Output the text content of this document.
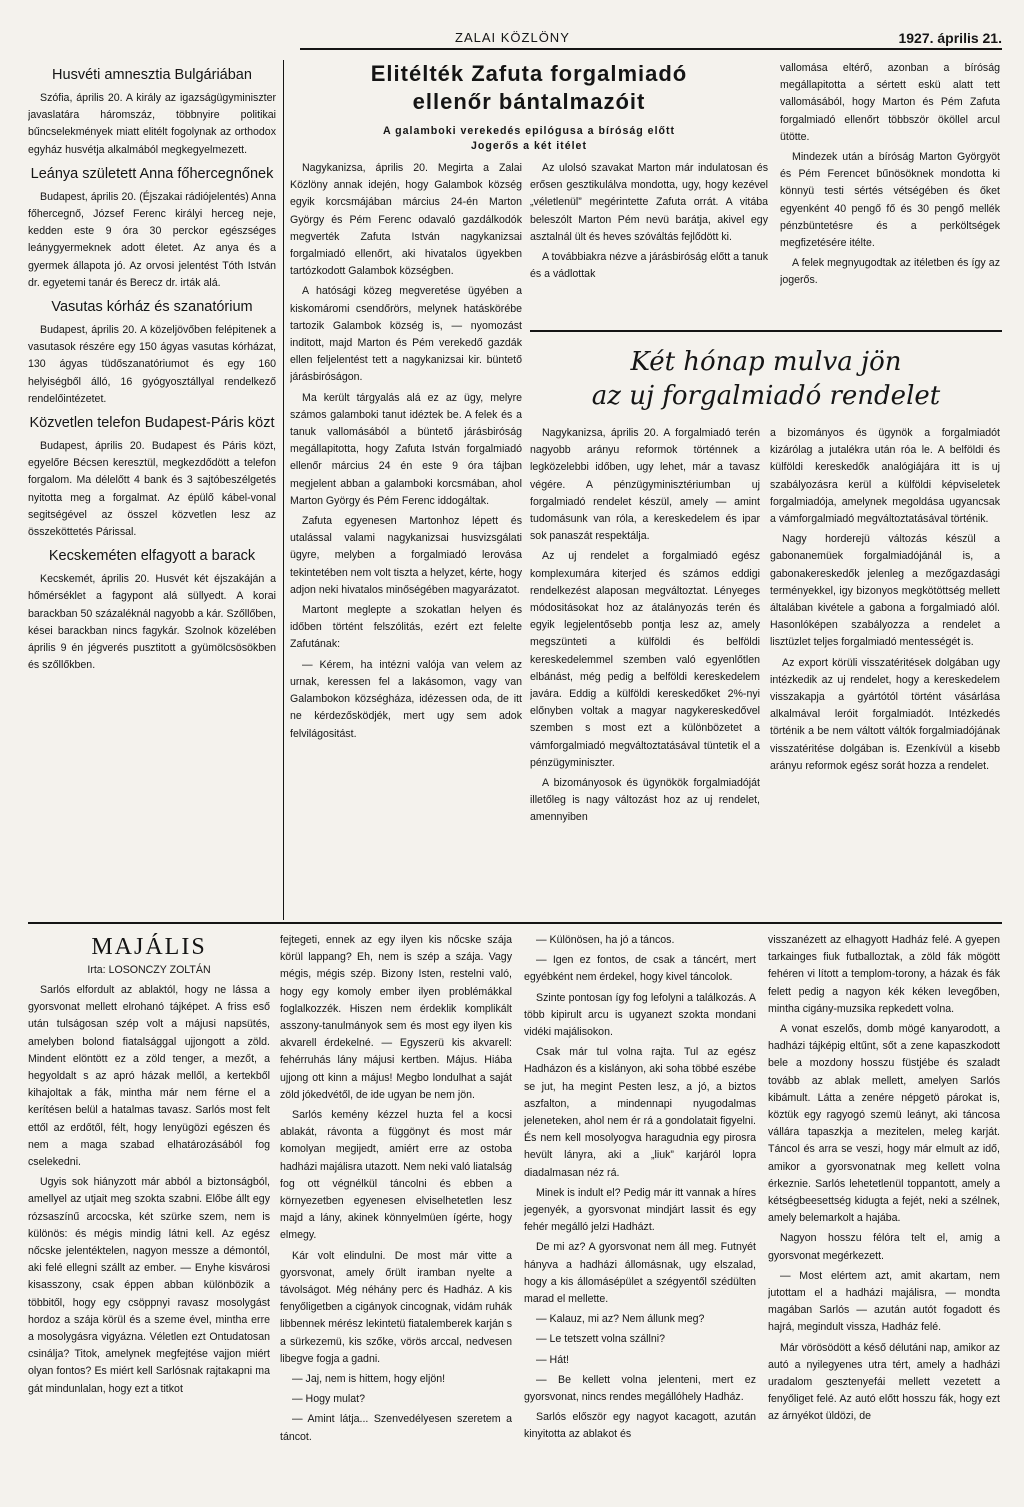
ZALAI KÖZLÖNY	1927. április 21.
Husvéti amnesztia Bulgáriában

Szófia, április 20. A király az igazságügyminiszter javaslatára háromszáz, többnyire politikai bűncselekmények miatt elitélt fogolynak az orthodox egyház husvétja alkalmából megkegyelmezett.

Leánya született Anna főhercegnőnek

Budapest, április 20. (Éjszakai rádiójelentés) Anna főhercegnő, József Ferenc királyi herceg neje, kedden este 9 óra 30 perckor egészséges leánygyermeknek adott életet. Az anya és a gyermek állapota jó. Az orvosi jelentést Tóth István dr. egyetemi tanár és Berecz dr. irták alá.

Vasutas kórház és szanatórium

Budapest, április 20. A közeljövőben felépitenek a vasutasok részére egy 150 ágyas vasutas kórházat, 130 ágyas tüdőszanatóriumot és egy 160 helyiségből álló, 16 gyógyosztállyal rendelkező rendelőintézetet.

Közvetlen telefon Budapest-Páris közt

Budapest, április 20. Budapest és Páris közt, egyelőre Bécsen keresztül, megkezdődött a telefon forgalom. Ma délelőtt 4 bank és 3 sajtóbeszélgetés nyitotta meg a forgalmat. Az épülő kábel-vonal segitségével az összel közvetlen lesz az összeköttetés Párissal.

Kecskeméten elfagyott a barack

Kecskemét, április 20. Husvét két éjszakáján a hőmérséklet a fagypont alá süllyedt. A korai barackban 50 százaléknál nagyobb a kár. Szőllőben, kései barackban nincs fagykár. Szolnok közelében április 9 én jégverés pusztitott a gyümölcsösökben és szőllőkben.

Elitélték Zafuta forgalmiadó
ellenőr bántalmazóit
A galamboki verekedés epilógusa a bíróság előtt
Jogerős a két itélet

Nagykanizsa, április 20. Megirta a Zalai Közlöny annak idején, hogy Galambok község egyik korcsmájában március 24-én Marton György és Pém Ferenc odavaló gazdálkodók megverték Zafuta István nagykanizsai forgalmiadó ellenőrt, aki hivatalos ügyekben tartózkodott Galambok községben.

A hatósági közeg megveretése ügyében a kiskomáromi csendőrörs, melynek hatáskörébe tartozik Galambok község is, — nyomozást inditott, majd Marton és Pém verekedő gazdák ellen feljelentést tett a nagykanizsai kir. büntető járásbiróságon.

Ma került tárgyalás alá ez az ügy, melyre számos galamboki tanut idéztek be. A felek és a tanuk vallomásából a büntető járásbiróság megállapitotta, hogy Zafuta István forgalmiadó ellenőr március 24 én este 9 óra tájban megjelent abban a galamboki korcsmában, ahol Marton György és Pém Ferenc iddogáltak.

Zafuta egyenesen Martonhoz lépett és utalással valami nagykanizsai husvizsgálati ügyre, melyben a forgalmiadó lerovása tekintetében nem volt tiszta a helyzet, kérte, hogy adjon neki hivatalos minőségében magyarázatot.

Martont meglepte a szokatlan helyen és időben történt felszólitás, ezért ezt felelte Zafutának:

— Kérem, ha intézni valója van velem az urnak, keressen fel a lakásomon, vagy van Galambokon községháza, idézessen oda, de itt ne kérdezősködjék, mert ugy sem adok felvilágositást.

Az ulolsó szavakat Marton már indulatosan és erősen gesztikulálva mondotta, ugy, hogy kezével „véletlenül” megérintette Zafuta orrát. A vitába beleszólt Marton Pém nevü barátja, akivel egy asztalnál ült és heves szóváltás fejlődött ki.

A továbbiakra nézve a járásbiróság előtt a tanuk és a vádlottak

vallomása eltérő, azonban a bíróság megállapitotta a sértett eskü alatt tett vallomásából, hogy Marton és Pém Zafuta forgalmiadó ellenőrt többször ököllel arcul ütötte.

Mindezek után a bíróság Marton Györgyöt és Pém Ferencet bűnösöknek mondotta ki könnyü testi sértés vétségében és őket egyenként 40 pengő fő és 30 pengő mellék pénzbüntetésre és a perköltségek megfizetésére itélte.

A felek megnyugodtak az itéletben és így az jogerős.

Két hónap mulva jön
az uj forgalmiadó rendelet

Nagykanizsa, április 20. A forgalmiadó terén nagyobb arányu reformok történnek a legközelebbi időben, ugy lehet, már a tavasz végére. A pénzügyminisztériumban uj forgalmiadó rendelet készül, amely — amint tudomásunk van róla, a kereskedelem és ipar sok panaszát respektálja.

Az uj rendelet a forgalmiadó egész komplexumára kiterjed és számos eddigi rendelkezést alaposan megváltoztat. Lényeges módositásokat hoz az átalányozás terén és egyik legjelentősebb pontja lesz az, amely megszünteti a külföldi és belföldi kereskedelemmel szemben való egyenlőtlen elbánást, még pedig a belföldi kereskedelem javára. Eddig a külföldi kereskedőket 2%-nyi előnyben voltak a magyar nagykereskedővel szemben s most ezt a különbözetet a vámforgalmiadó megváltoztatásával tüntetik el a pénzügyminiszter.

A bizományosok és ügynökök forgalmiadóját illetőleg is nagy változást hoz az uj rendelet, amennyiben

a bizományos és ügynök a forgalmiadót kizárólag a jutalékra után róa le. A belföldi és külföldi kereskedők analógiájára itt is uj szabályozásra kerül a külföldi képviseletek forgalmiadója, amelynek megoldása ugyancsak a vámforgalmiadó megváltoztatásával történik.

Nagy horderejü változás készül a gabonanemüek forgalmiadójánál is, a gabonakereskedők jelenleg a mezőgazdasági terményekkel, igy bizonyos megkötöttség mellett általában kivétele a gabona a forgalmiadó alól. Hasonlóképen szabályozza a rendelet a lisztüzlet teljes forgalmiadó mentességét is.

Az export körüli visszatéritések dolgában ugy intézkedik az uj rendelet, hogy a kereskedelem visszakapja a gyártótól történt vásárlása alkalmával leróit forgalmiadót. Intézkedés történik a be nem váltott váltók forgalmiadójának visszatéritése dolgában is. Ezenkívül a kisebb arányu reformok egész sorát hozza a rendelet.

MAJÁLIS
Irta: LOSONCZY ZOLTÁN

Sarlós elfordult az ablaktól, hogy ne lássa a gyorsvonat mellett elrohanó tájképet. A friss eső után tulságosan szép volt a májusi napsütés, amelyben bolond fiatalsággal ujjongott a zöld. Mindent elöntött ez a zöld tenger, a mezőt, a hegyoldalt s az apró házak mellől, a kertekből kihajoltak a fák, mintha már nem férne el a kerítésen belül a hatalmas tavasz. Sarlós most felt ettől az erdőtől, félt, hogy lenyügözi egészen és nem a maga szabad elhatározásából fog cselekedni.

Ugyis sok hiányzott már abból a biztonságból, amellyel az utjait meg szokta szabni. Előbe állt egy rózsaszínű arcocska, két szürke szem, nem is különös: és mégis mindig látni kell. Az egész nőcske jelentéktelen, nagyon messze a démontól, aki felé ellegni szállt az ember. — Enyhe kisvárosi kisasszony, csak éppen abban különbözik a többitől, hogy egy csöppnyi ravasz mosolygást hordoz a szája körül és a szeme ével, mintha erre a mosolygásra vigyázna. Véletlen ezt Ontudatosan csinálja? Titok, amelynek megfejtése vajjon miért olyan fontos? Es miért kell Sarlósnak rajtakapni ma gát mindunlalan, hogy ezt a titkot

fejtegeti, ennek az egy ilyen kis nőcske szája körül lappang? Eh, nem is szép a szája. Vagy mégis, mégis szép. Bizony Isten, restelni való, hogy egy komoly ember ilyen problémákkal foglalkozzék. Hiszen nem érdeklik komplikált asszony-tanulmányok sem és most egy ilyen kis akvarell érdekelné. — Egyszerü kis akvarell: fehérruhás lány májusi kertben. Május. Hiába ujjong ott kinn a május! Megbo londulhat a saját zöld jókedvétől, de ide ugyan be nem jön.

Sarlós kemény kézzel huzta fel a kocsi ablakát, rávonta a függönyt és most már komolyan megijedt, amiért erre az ostoba hadházi majálisra utazott. Nem neki való liatalság fog ott végnélkül táncolni és ebben a környezetben egyenesen elviselhetetlen lesz majd a lány, akinek könnyelmüen ígérte, hogy elmegy.

Kár volt elindulni. De most már vitte a gyorsvonat, amely őrült iramban nyelte a távolságot. Még néhány perc és Hadház. A kis fenyőligetben a cigányok cincognak, vidám ruhák libbennek mérész lekintetü fiatalemberek karján s a sürkezemü, kis szőke, vörös arccal, nedvesen libegve fogja a gadni.

— Jaj, nem is hittem, hogy eljön!

— Hogy mulat?

— Amint látja... Szenvedélyesen szeretem a táncot.

— Különösen, ha jó a táncos.

— Igen ez fontos, de csak a táncért, mert egyébként nem érdekel, hogy kivel táncolok.

Szinte pontosan így fog lefolyni a találkozás. A több kipirult arcu is ugyanezt szokta mondani vidéki majálisokon.

Csak már tul volna rajta. Tul az egész Hadházon és a kislányon, aki soha többé eszébe se jut, ha megint Pesten lesz, a jó, a biztos aszfalton, a mindennapi nyugodalmas jeleneteken, ahol nem ér rá a gondolatait figyelni. És nem kell mosolyogva haragudnia egy pirosra hevült lányra, aki a „liuk” karjáról lopra diadalmasan néz rá.

Minek is indult el? Pedig már itt vannak a híres jegenyék, a gyorsvonat mindjárt lassit és egy fehér megálló jelzi Hadházt.

De mi az? A gyorsvonat nem áll meg. Futnyét hányva a hadházi állomásnak, ugy elszalad, hogy a kis állomásépület a szégyentől szédülten marad el mellette.

— Kalauz, mi az? Nem állunk meg?

— Le tetszett volna szállni?

— Hát!

— Be kellett volna jelenteni, mert ez gyorsvonat, nincs rendes megállóhely Hadház.

Sarlós először egy nagyot kacagott, azután kinyitotta az ablakot és

visszanézett az elhagyott Hadház felé. A gyepen tarkainges fiuk futballoztak, a zöld fák mögött fehéren vi lított a templom-torony, a házak és fák felett pedig a nagyon kék kéken levegőben, mintha cigány-muzsika repkedett volna.

A vonat eszelős, domb mögé kanyarodott, a hadházi tájképig eltűnt, sőt a zene kapaszkodott bele a mozdony hosszu füstjébe és szaladt tovább az ablak mellett, amelyen Sarlós kibámult. Látta a zenére népgetö párokat is, köztük egy ragyogó szemü leányt, aki táncosa vállára tapaszkja a mezitelen, meleg karját. Táncol és arra se veszi, hogy már elmult az idő, amikor a gyorsvonatnak meg kellett volna érkeznie. Sarlós lehetetlenül toppantott, amely a kétségbeesettség kidugta a fejét, neki a szélnek, amely belemarkolt a hajába.

Nagyon hosszu félóra telt el, amig a gyorsvonat megérkezett.

— Most elértem azt, amit akartam, nem jutottam el a hadházi majálisra, — mondta magában Sarlós — azután autót fogadott és hajrá, megindult vissza, Hadház felé.

Már vörösödött a késő délutáni nap, amikor az autó a nyilegyenes utra tért, amely a hadházi uradalom gesztenyefái mellett vezetett a fenyőliget felé. Az autó előtt hosszu fák, hogy ezt az árnyékot üldözi, de
